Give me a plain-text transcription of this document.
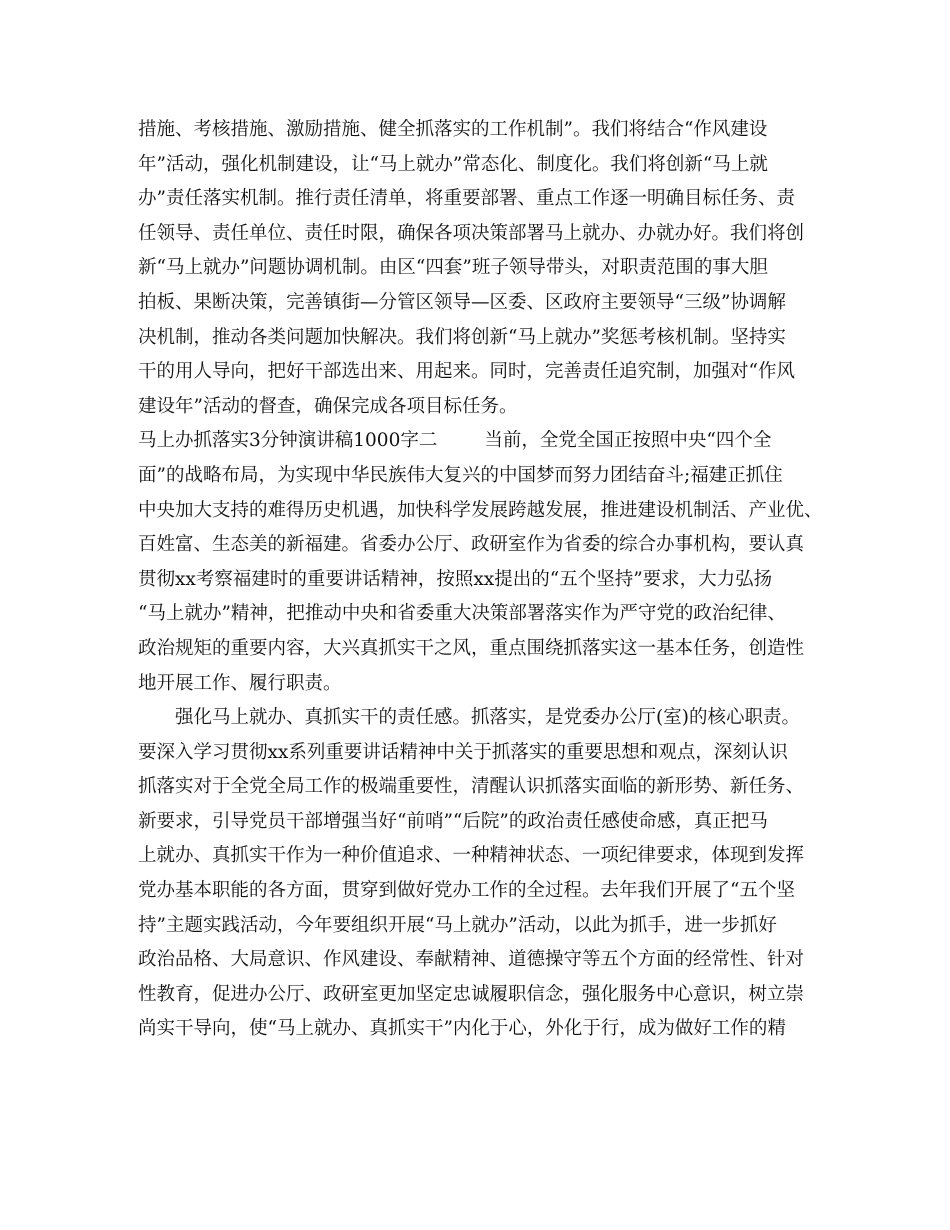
措施、考核措施、激励措施、健全抓落实的工作机制”。我们将结合“作风建设
年”活动，强化机制建设，让“马上就办”常态化、制度化。我们将创新“马上就
办”责任落实机制。推行责任清单，将重要部署、重点工作逐一明确目标任务、责
任领导、责任单位、责任时限，确保各项决策部署马上就办、办就办好。我们将创
新“马上就办”问题协调机制。由区“四套”班子领导带头，对职责范围的事大胆
拍板、果断决策，完善镇街—分管区领导—区委、区政府主要领导“三级”协调解
决机制，推动各类问题加快解决。我们将创新“马上就办”奖惩考核机制。坚持实
干的用人导向，把好干部选出来、用起来。同时，完善责任追究制，加强对“作风
建设年”活动的督查，确保完成各项目标任务。
马上办抓落实3分钟演讲稿1000字二        当前，全党全国正按照中央“四个全
面”的战略布局，为实现中华民族伟大复兴的中国梦而努力团结奋斗;福建正抓住
中央加大支持的难得历史机遇，加快科学发展跨越发展，推进建设机制活、产业优、
百姓富、生态美的新福建。省委办公厅、政研室作为省委的综合办事机构，要认真
贯彻xx考察福建时的重要讲话精神，按照xx提出的“五个坚持”要求，大力弘扬
“马上就办”精神，把推动中央和省委重大决策部署落实作为严守党的政治纪律、
政治规矩的重要内容，大兴真抓实干之风，重点围绕抓落实这一基本任务，创造性
地开展工作、履行职责。
强化马上就办、真抓实干的责任感。抓落实，是党委办公厅(室)的核心职责。
要深入学习贯彻xx系列重要讲话精神中关于抓落实的重要思想和观点，深刻认识
抓落实对于全党全局工作的极端重要性，清醒认识抓落实面临的新形势、新任务、
新要求，引导党员干部增强当好“前哨”“后院”的政治责任感使命感，真正把马
上就办、真抓实干作为一种价值追求、一种精神状态、一项纪律要求，体现到发挥
党办基本职能的各方面，贯穿到做好党办工作的全过程。去年我们开展了“五个坚
持”主题实践活动，今年要组织开展“马上就办”活动，以此为抓手，进一步抓好
政治品格、大局意识、作风建设、奉献精神、道德操守等五个方面的经常性、针对
性教育，促进办公厅、政研室更加坚定忠诚履职信念，强化服务中心意识，树立崇
尚实干导向，使“马上就办、真抓实干”内化于心，外化于行，成为做好工作的精
